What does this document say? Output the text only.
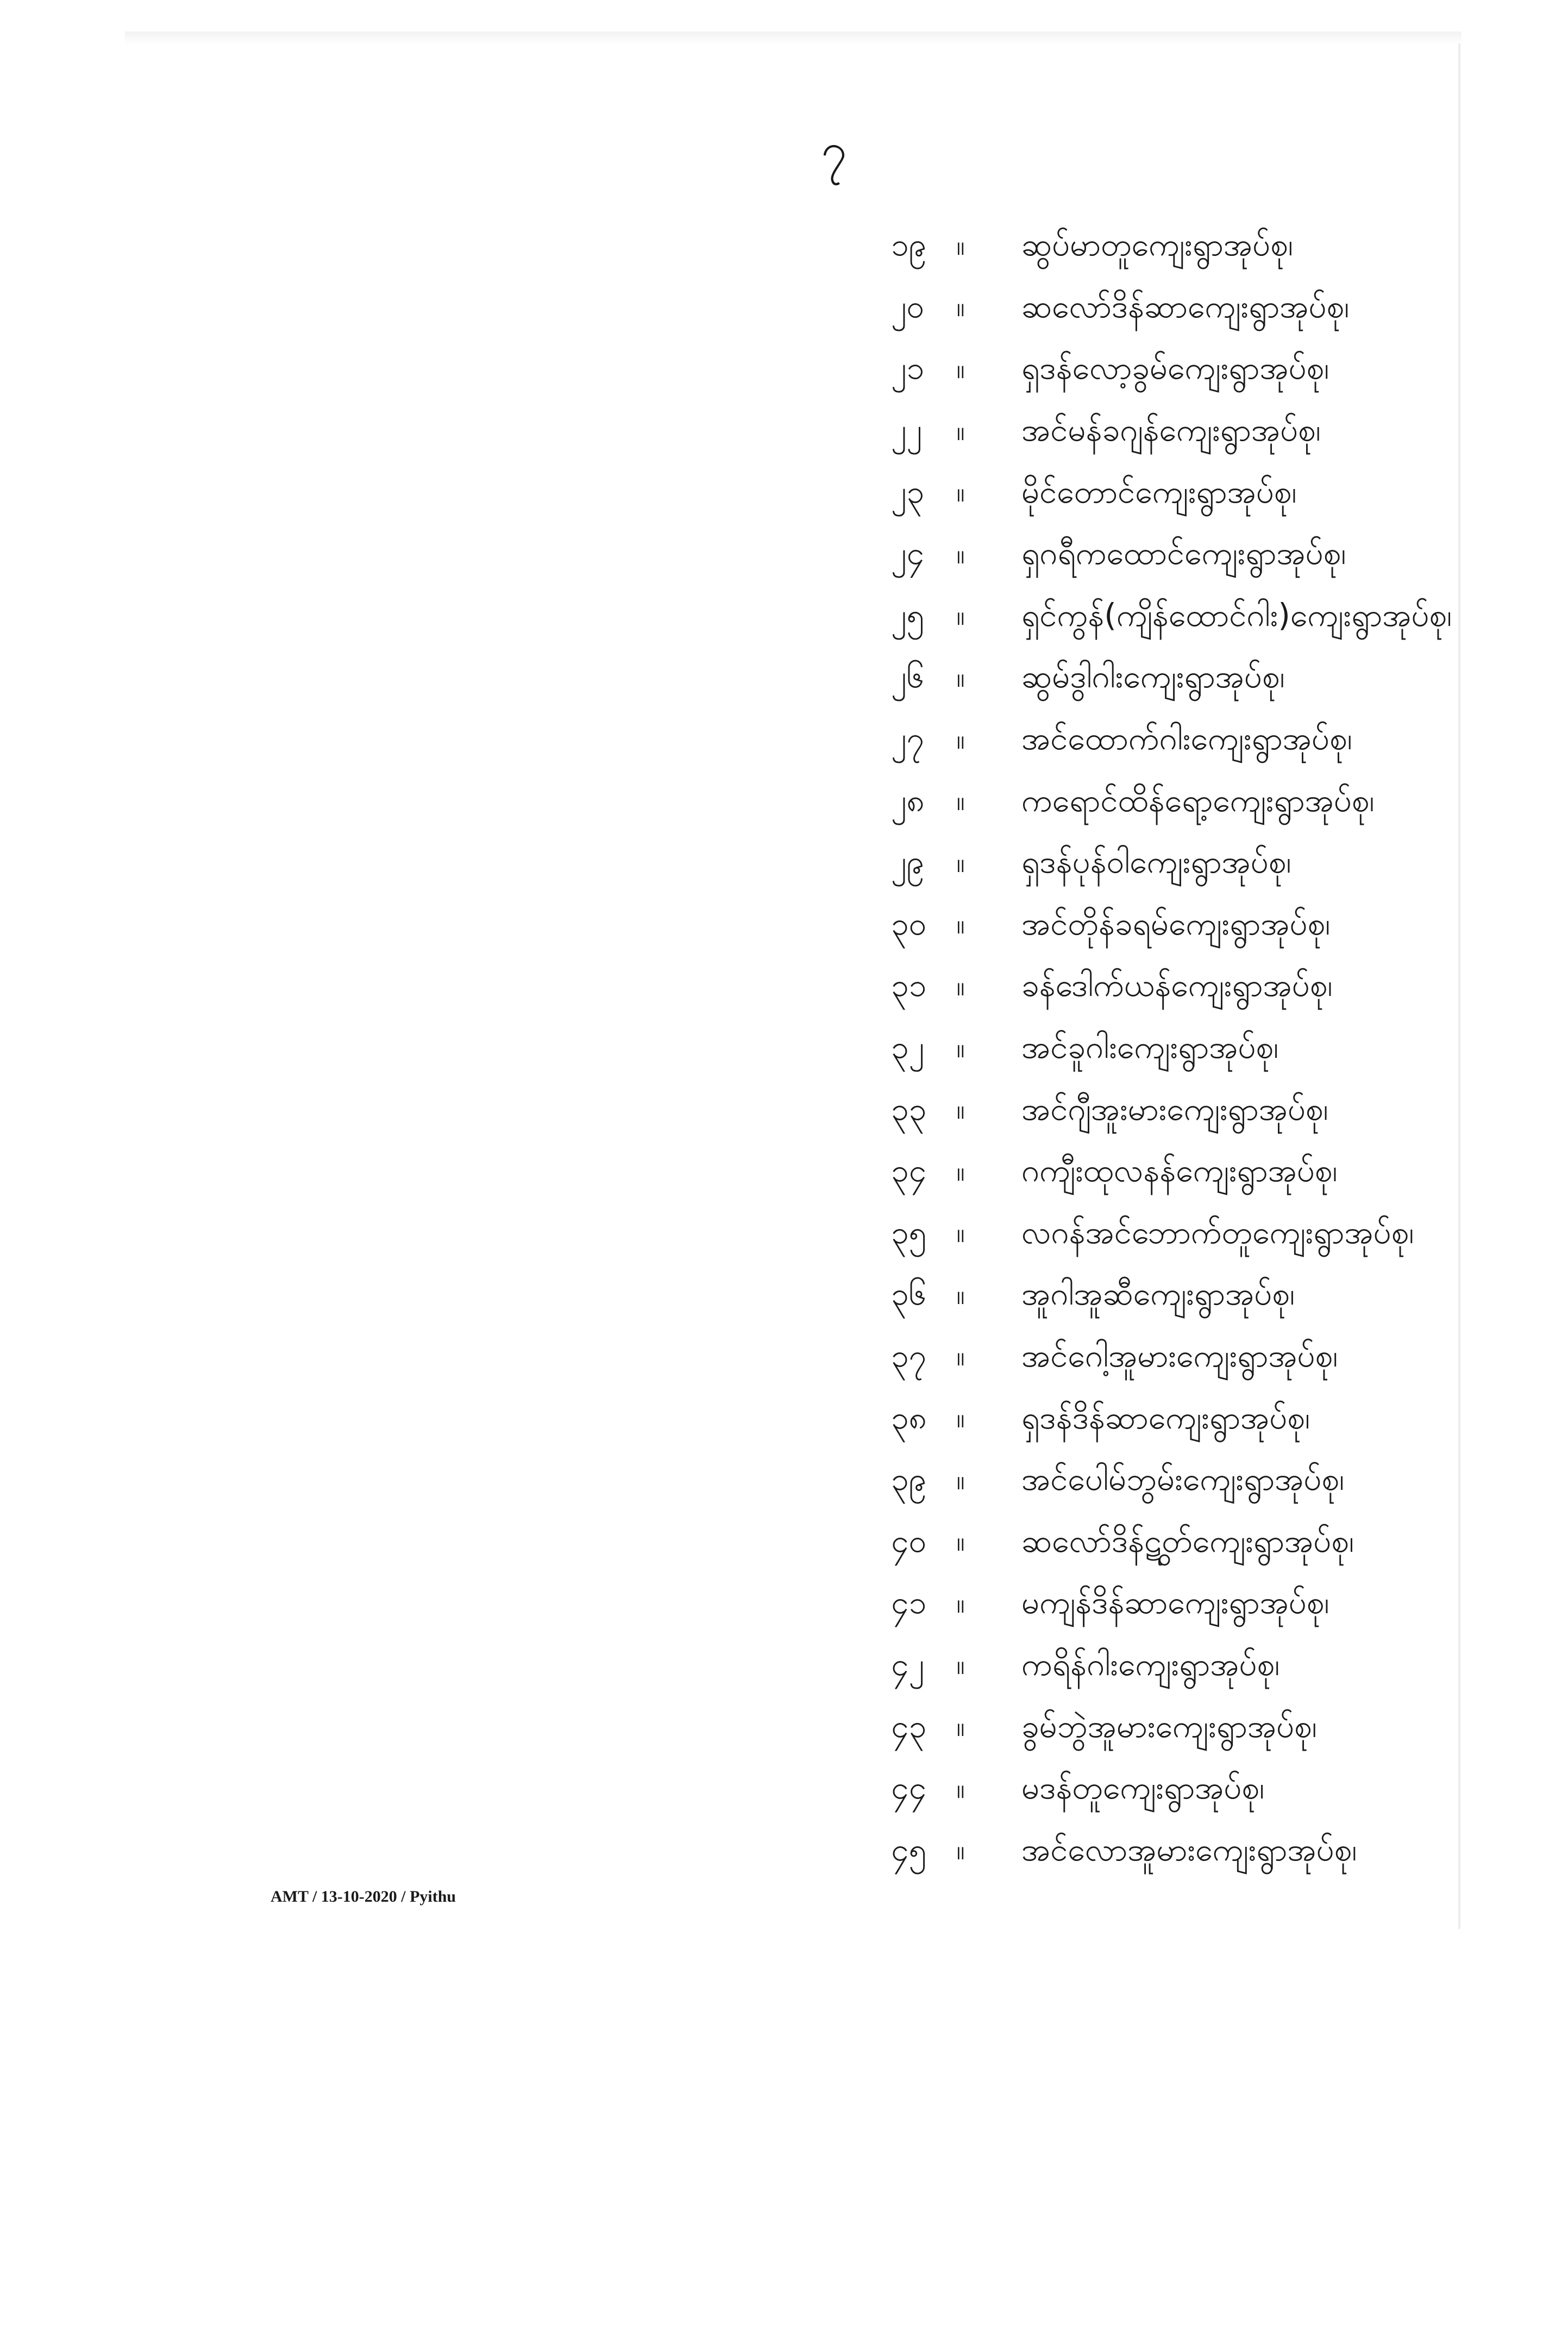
၇
၁၉	။	ဆွပ်မာတူကျေးရွာအုပ်စု၊
၂၀	။	ဆလော်ဒိန်ဆာကျေးရွာအုပ်စု၊
၂၁	။	ရှဒန်လော့ခွမ်ကျေးရွာအုပ်စု၊
၂၂	။	အင်မန်ခဂျန်ကျေးရွာအုပ်စု၊
၂၃	။	မိုင်တောင်ကျေးရွာအုပ်စု၊
၂၄	။	ရှဂရီကထောင်ကျေးရွာအုပ်စု၊
၂၅	။	ရှင်ကွန်(ကျိန်ထောင်ဂါး)ကျေးရွာအုပ်စု၊
၂၆	။	ဆွမ်ဒွါဂါးကျေးရွာအုပ်စု၊
၂၇	။	အင်ထောက်ဂါးကျေးရွာအုပ်စု၊
၂၈	။	ကရောင်ထိန်ရော့ကျေးရွာအုပ်စု၊
၂၉	။	ရှဒန်ပုန်ဝါကျေးရွာအုပ်စု၊
၃၀	။	အင်တိုန်ခရမ်ကျေးရွာအုပ်စု၊
၃၁	။	ခန်ဒေါက်ယန်ကျေးရွာအုပ်စု၊
၃၂	။	အင်ခူဂါးကျေးရွာအုပ်စု၊
၃၃	။	အင်ဂျီအူးမားကျေးရွာအုပ်စု၊
၃၄	။	ဂကျီးထုလနန်ကျေးရွာအုပ်စု၊
၃၅	။	လဂန်အင်ဘောက်တူကျေးရွာအုပ်စု၊
၃၆	။	အူဂါအူဆီကျေးရွာအုပ်စု၊
၃၇	။	အင်ဂေါ့အူမားကျေးရွာအုပ်စု၊
၃၈	။	ရှဒန်ဒိန်ဆာကျေးရွာအုပ်စု၊
၃၉	။	အင်ပေါမ်ဘွမ်းကျေးရွာအုပ်စု၊
၄၀	။	ဆလော်ဒိန်ဋွတ်ကျေးရွာအုပ်စု၊
၄၁	။	မကျန်ဒိန်ဆာကျေးရွာအုပ်စု၊
၄၂	။	ကရိန်ဂါးကျေးရွာအုပ်စု၊
၄၃	။	ခွမ်ဘွဲအူမားကျေးရွာအုပ်စု၊
၄၄	။	မဒန်တူကျေးရွာအုပ်စု၊
၄၅	။	အင်လောအူမားကျေးရွာအုပ်စု၊
AMT / 13-10-2020 / Pyithu
